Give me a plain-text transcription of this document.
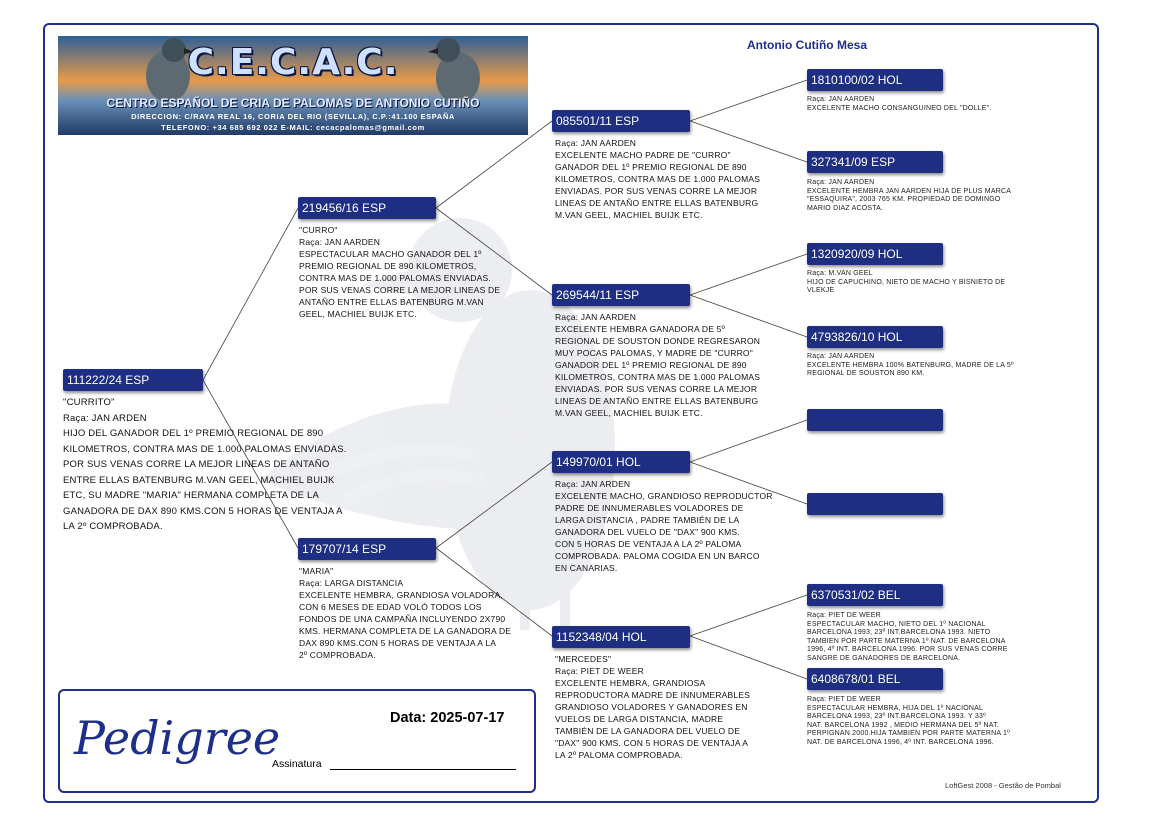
C.E.C.A.C.
CENTRO ESPAÑOL DE CRIA DE PALOMAS DE ANTONIO CUTIÑO
DIRECCION: C/RAYA REAL 16, CORIA DEL RIO (SEVILLA), C.P.:41.100 ESPAÑA
TELEFONO: +34 685 692 022 E-MAIL: cecacpalomas@gmail.com
Antonio Cutiño Mesa
111222/24 ESP
"CURRITO"
Raça: JAN ARDEN
HIJO DEL GANADOR DEL 1º PREMIO REGIONAL DE 890
KILOMETROS, CONTRA MAS DE 1.000 PALOMAS ENVIADAS.
POR SUS VENAS CORRE LA MEJOR LINEAS DE ANTAÑO
ENTRE ELLAS BATENBURG M.VAN GEEL, MACHIEL BUIJK
ETC, SU MADRE "MARIA" HERMANA COMPLETA DE LA
GANADORA DE DAX 890 KMS.CON 5 HORAS DE VENTAJA A
LA 2º COMPROBADA.
219456/16 ESP
"CURRO"
Raça: JAN AARDEN
ESPECTACULAR MACHO GANADOR DEL 1º
PREMIO REGIONAL DE 890 KILOMETROS,
CONTRA MAS DE 1.000 PALOMAS ENVIADAS.
POR SUS VENAS CORRE LA MEJOR LINEAS DE
ANTAÑO ENTRE ELLAS BATENBURG M.VAN
GEEL, MACHIEL BUIJK ETC.
179707/14 ESP
"MARIA"
Raça: LARGA DISTANCIA
EXCELENTE HEMBRA, GRANDIOSA VOLADORA,
CON 6 MESES DE EDAD VOLÓ TODOS LOS
FONDOS DE UNA CAMPAÑA INCLUYENDO 2X790
KMS. HERMANA COMPLETA DE LA GANADORA DE
DAX 890 KMS.CON 5 HORAS DE VENTAJA A LA
2º COMPROBADA.
085501/11 ESP
Raça: JAN AARDEN
EXCELENTE MACHO PADRE DE "CURRO"
GANADOR DEL 1º PREMIO REGIONAL DE 890
KILOMETROS, CONTRA MAS DE 1.000 PALOMAS
ENVIADAS. POR SUS VENAS CORRE LA MEJOR
LINEAS DE ANTAÑO ENTRE ELLAS BATENBURG
M.VAN GEEL, MACHIEL BUIJK ETC.
269544/11 ESP
Raça: JAN AARDEN
EXCELENTE HEMBRA GANADORA DE 5º
REGIONAL DE SOUSTON DONDE REGRESARON
MUY POCAS PALOMAS, Y MADRE DE "CURRO"
GANADOR DEL 1º PREMIO REGIONAL DE 890
KILOMETROS, CONTRA MAS DE 1.000 PALOMAS
ENVIADAS. POR SUS VENAS CORRE LA MEJOR
LINEAS DE ANTAÑO ENTRE ELLAS BATENBURG
M.VAN GEEL, MACHIEL BUIJK ETC.
149970/01 HOL
Raça: JAN ARDEN
EXCELENTE MACHO, GRANDIOSO REPRODUCTOR
PADRE DE INNUMERABLES VOLADORES DE
LARGA DISTANCIA , PADRE TAMBIÉN DE LA
GANADORA DEL VUELO DE "DAX" 900 KMS.
CON 5 HORAS DE VENTAJA A LA 2º PALOMA
COMPROBADA. PALOMA COGIDA EN UN BARCO
EN CANARIAS.
1152348/04 HOL
"MERCEDES"
Raça: PIET DE WEER
EXCELENTE HEMBRA, GRANDIOSA
REPRODUCTORA MADRE DE INNUMERABLES
GRANDIOSO VOLADORES Y GANADORES EN
VUELOS DE LARGA DISTANCIA, MADRE
TAMBIÉN DE LA GANADORA DEL VUELO DE
"DAX" 900 KMS. CON 5 HORAS DE VENTAJA A
LA 2º PALOMA COMPROBADA.
1810100/02 HOL
Raça: JAN AARDEN
EXCELENTE MACHO CONSANGUINEO DEL "DOLLE".
327341/09 ESP
Raça: JAN AARDEN
EXCELENTE HEMBRA JAN AARDEN HIJA DE PLUS MARCA
"ESSAQUIRA", 2003 765 KM. PROPIEDAD DE DOMINGO
MARIO DIAZ ACOSTA.
1320920/09 HOL
Raça: M.VAN GEEL
HIJO DE CAPUCHINO, NIETO DE MACHO Y BISNIETO DE
VLEKJE
4793826/10 HOL
Raça: JAN AARDEN
EXCELENTE HEMBRA 100% BATENBURG, MADRE DE LA 5º
REGIONAL DE SOUSTON 890 KM.
6370531/02 BEL
Raça: PIET DE WEER
ESPECTACULAR MACHO, NIETO DEL 1º NACIONAL
BARCELONA 1993, 23º INT.BARCELONA 1993. NIETO
TAMBIEN POR PARTE MATERNA 1º NAT. DE BARCELONA
1996, 4º INT. BARCELONA 1996. POR SUS VENAS CORRE
SANGRE DE GANADORES DE BARCELONA.
6408678/01 BEL
Raça: PIET DE WEER
ESPECTACULAR HEMBRA, HIJA DEL 1º NACIONAL
BARCELONA 1993, 23º INT.BARCELONA 1993. Y 33º
NAT. BARCELONA 1992 , MEDIO HERMANA DEL 5º NAT.
PERPIGNAN 2000.HIJA TAMBIEN POR PARTE MATERNA 1º
NAT. DE BARCELONA 1996, 4º INT. BARCELONA 1996.
Pedigree	Data: 2025-07-17
Assinatura
LoftGest 2008 - Gestão de Pombal
